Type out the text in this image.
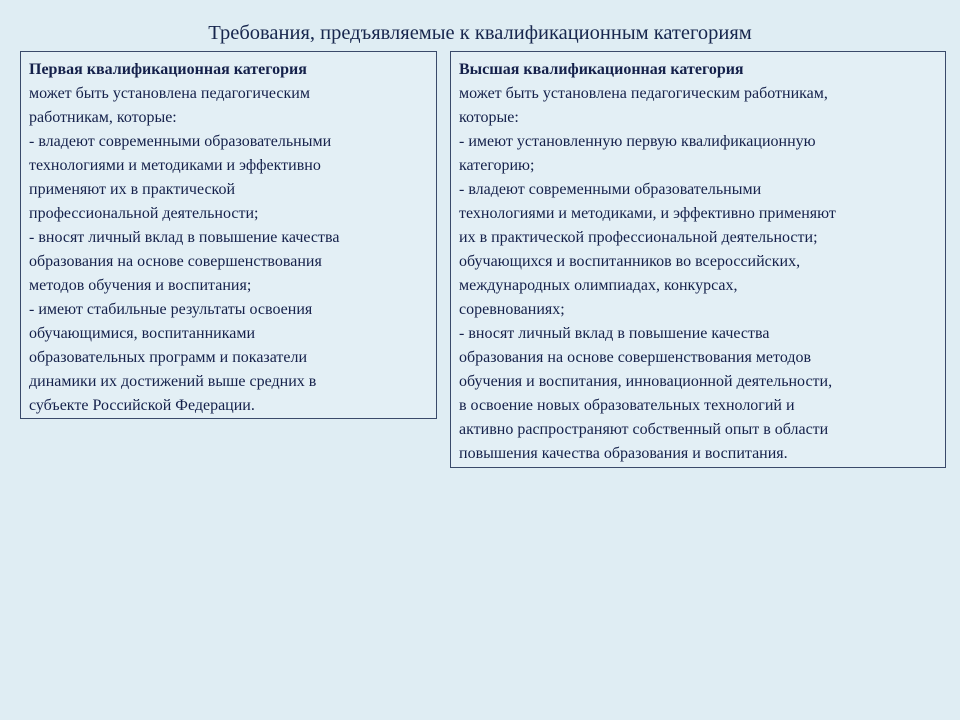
Требования, предъявляемые к квалификационным категориям
Первая квалификационная категория
может быть установлена педагогическим
работникам, которые:
- владеют современными образовательными
технологиями и методиками и эффективно
применяют их в практической
профессиональной деятельности;
- вносят личный вклад в повышение качества
образования на основе совершенствования
методов обучения и воспитания;
- имеют стабильные результаты освоения
обучающимися, воспитанниками
образовательных программ и показатели
динамики их достижений выше средних в
субъекте Российской Федерации.
Высшая квалификационная категория
может быть установлена педагогическим работникам,
которые:
- имеют установленную первую квалификационную
категорию;
- владеют современными образовательными
технологиями и методиками, и эффективно применяют
их в практической профессиональной деятельности;
обучающихся и воспитанников во всероссийских,
международных олимпиадах, конкурсах,
соревнованиях;
- вносят личный вклад в повышение качества
образования на основе совершенствования методов
обучения и воспитания, инновационной деятельности,
в освоение новых образовательных технологий и
активно распространяют собственный опыт в области
повышения качества образования и воспитания.
